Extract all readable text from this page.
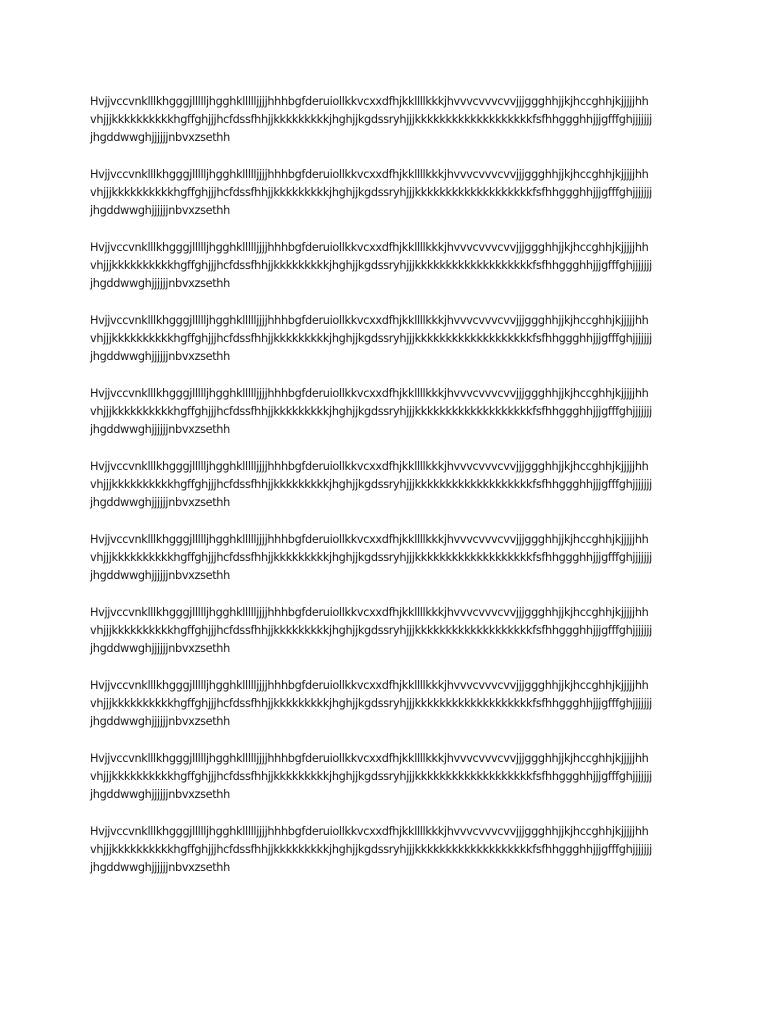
Hvjjvccvnklllkhgggjllllljhgghkllllljjjjhhhbgfderuiollkkvcxxdfhjkkllllkkkjhvvvcvvvcvvjjjggghhjjkjhccghhjkjjjjjhh
vhjjjkkkkkkkkkkhgffghjjjhcfdssfhhjjkkkkkkkkkjhghjjkgdssryhjjjkkkkkkkkkkkkkkkkkkkfsfhhggghhjjjgfffghjjjjjjj
jhgddwwghjjjjjjnbvxzsethh

Hvjjvccvnklllkhgggjllllljhgghkllllljjjjhhhbgfderuiollkkvcxxdfhjkkllllkkkjhvvvcvvvcvvjjjggghhjjkjhccghhjkjjjjjhh
vhjjjkkkkkkkkkkhgffghjjjhcfdssfhhjjkkkkkkkkkjhghjjkgdssryhjjjkkkkkkkkkkkkkkkkkkkfsfhhggghhjjjgfffghjjjjjjj
jhgddwwghjjjjjjnbvxzsethh

Hvjjvccvnklllkhgggjllllljhgghkllllljjjjhhhbgfderuiollkkvcxxdfhjkkllllkkkjhvvvcvvvcvvjjjggghhjjkjhccghhjkjjjjjhh
vhjjjkkkkkkkkkkhgffghjjjhcfdssfhhjjkkkkkkkkkjhghjjkgdssryhjjjkkkkkkkkkkkkkkkkkkkfsfhhggghhjjjgfffghjjjjjjj
jhgddwwghjjjjjjnbvxzsethh

Hvjjvccvnklllkhgggjllllljhgghkllllljjjjhhhbgfderuiollkkvcxxdfhjkkllllkkkjhvvvcvvvcvvjjjggghhjjkjhccghhjkjjjjjhh
vhjjjkkkkkkkkkkhgffghjjjhcfdssfhhjjkkkkkkkkkjhghjjkgdssryhjjjkkkkkkkkkkkkkkkkkkkfsfhhggghhjjjgfffghjjjjjjj
jhgddwwghjjjjjjnbvxzsethh

Hvjjvccvnklllkhgggjllllljhgghkllllljjjjhhhbgfderuiollkkvcxxdfhjkkllllkkkjhvvvcvvvcvvjjjggghhjjkjhccghhjkjjjjjhh
vhjjjkkkkkkkkkkhgffghjjjhcfdssfhhjjkkkkkkkkkjhghjjkgdssryhjjjkkkkkkkkkkkkkkkkkkkfsfhhggghhjjjgfffghjjjjjjj
jhgddwwghjjjjjjnbvxzsethh

Hvjjvccvnklllkhgggjllllljhgghkllllljjjjhhhbgfderuiollkkvcxxdfhjkkllllkkkjhvvvcvvvcvvjjjggghhjjkjhccghhjkjjjjjhh
vhjjjkkkkkkkkkkhgffghjjjhcfdssfhhjjkkkkkkkkkjhghjjkgdssryhjjjkkkkkkkkkkkkkkkkkkkfsfhhggghhjjjgfffghjjjjjjj
jhgddwwghjjjjjjnbvxzsethh

Hvjjvccvnklllkhgggjllllljhgghkllllljjjjhhhbgfderuiollkkvcxxdfhjkkllllkkkjhvvvcvvvcvvjjjggghhjjkjhccghhjkjjjjjhh
vhjjjkkkkkkkkkkhgffghjjjhcfdssfhhjjkkkkkkkkkjhghjjkgdssryhjjjkkkkkkkkkkkkkkkkkkkfsfhhggghhjjjgfffghjjjjjjj
jhgddwwghjjjjjjnbvxzsethh

Hvjjvccvnklllkhgggjllllljhgghkllllljjjjhhhbgfderuiollkkvcxxdfhjkkllllkkkjhvvvcvvvcvvjjjggghhjjkjhccghhjkjjjjjhh
vhjjjkkkkkkkkkkhgffghjjjhcfdssfhhjjkkkkkkkkkjhghjjkgdssryhjjjkkkkkkkkkkkkkkkkkkkfsfhhggghhjjjgfffghjjjjjjj
jhgddwwghjjjjjjnbvxzsethh

Hvjjvccvnklllkhgggjllllljhgghkllllljjjjhhhbgfderuiollkkvcxxdfhjkkllllkkkjhvvvcvvvcvvjjjggghhjjkjhccghhjkjjjjjhh
vhjjjkkkkkkkkkkhgffghjjjhcfdssfhhjjkkkkkkkkkjhghjjkgdssryhjjjkkkkkkkkkkkkkkkkkkkfsfhhggghhjjjgfffghjjjjjjj
jhgddwwghjjjjjjnbvxzsethh

Hvjjvccvnklllkhgggjllllljhgghkllllljjjjhhhbgfderuiollkkvcxxdfhjkkllllkkkjhvvvcvvvcvvjjjggghhjjkjhccghhjkjjjjjhh
vhjjjkkkkkkkkkkhgffghjjjhcfdssfhhjjkkkkkkkkkjhghjjkgdssryhjjjkkkkkkkkkkkkkkkkkkkfsfhhggghhjjjgfffghjjjjjjj
jhgddwwghjjjjjjnbvxzsethh

Hvjjvccvnklllkhgggjllllljhgghkllllljjjjhhhbgfderuiollkkvcxxdfhjkkllllkkkjhvvvcvvvcvvjjjggghhjjkjhccghhjkjjjjjhh
vhjjjkkkkkkkkkkhgffghjjjhcfdssfhhjjkkkkkkkkkjhghjjkgdssryhjjjkkkkkkkkkkkkkkkkkkkfsfhhggghhjjjgfffghjjjjjjj
jhgddwwghjjjjjjnbvxzsethh
